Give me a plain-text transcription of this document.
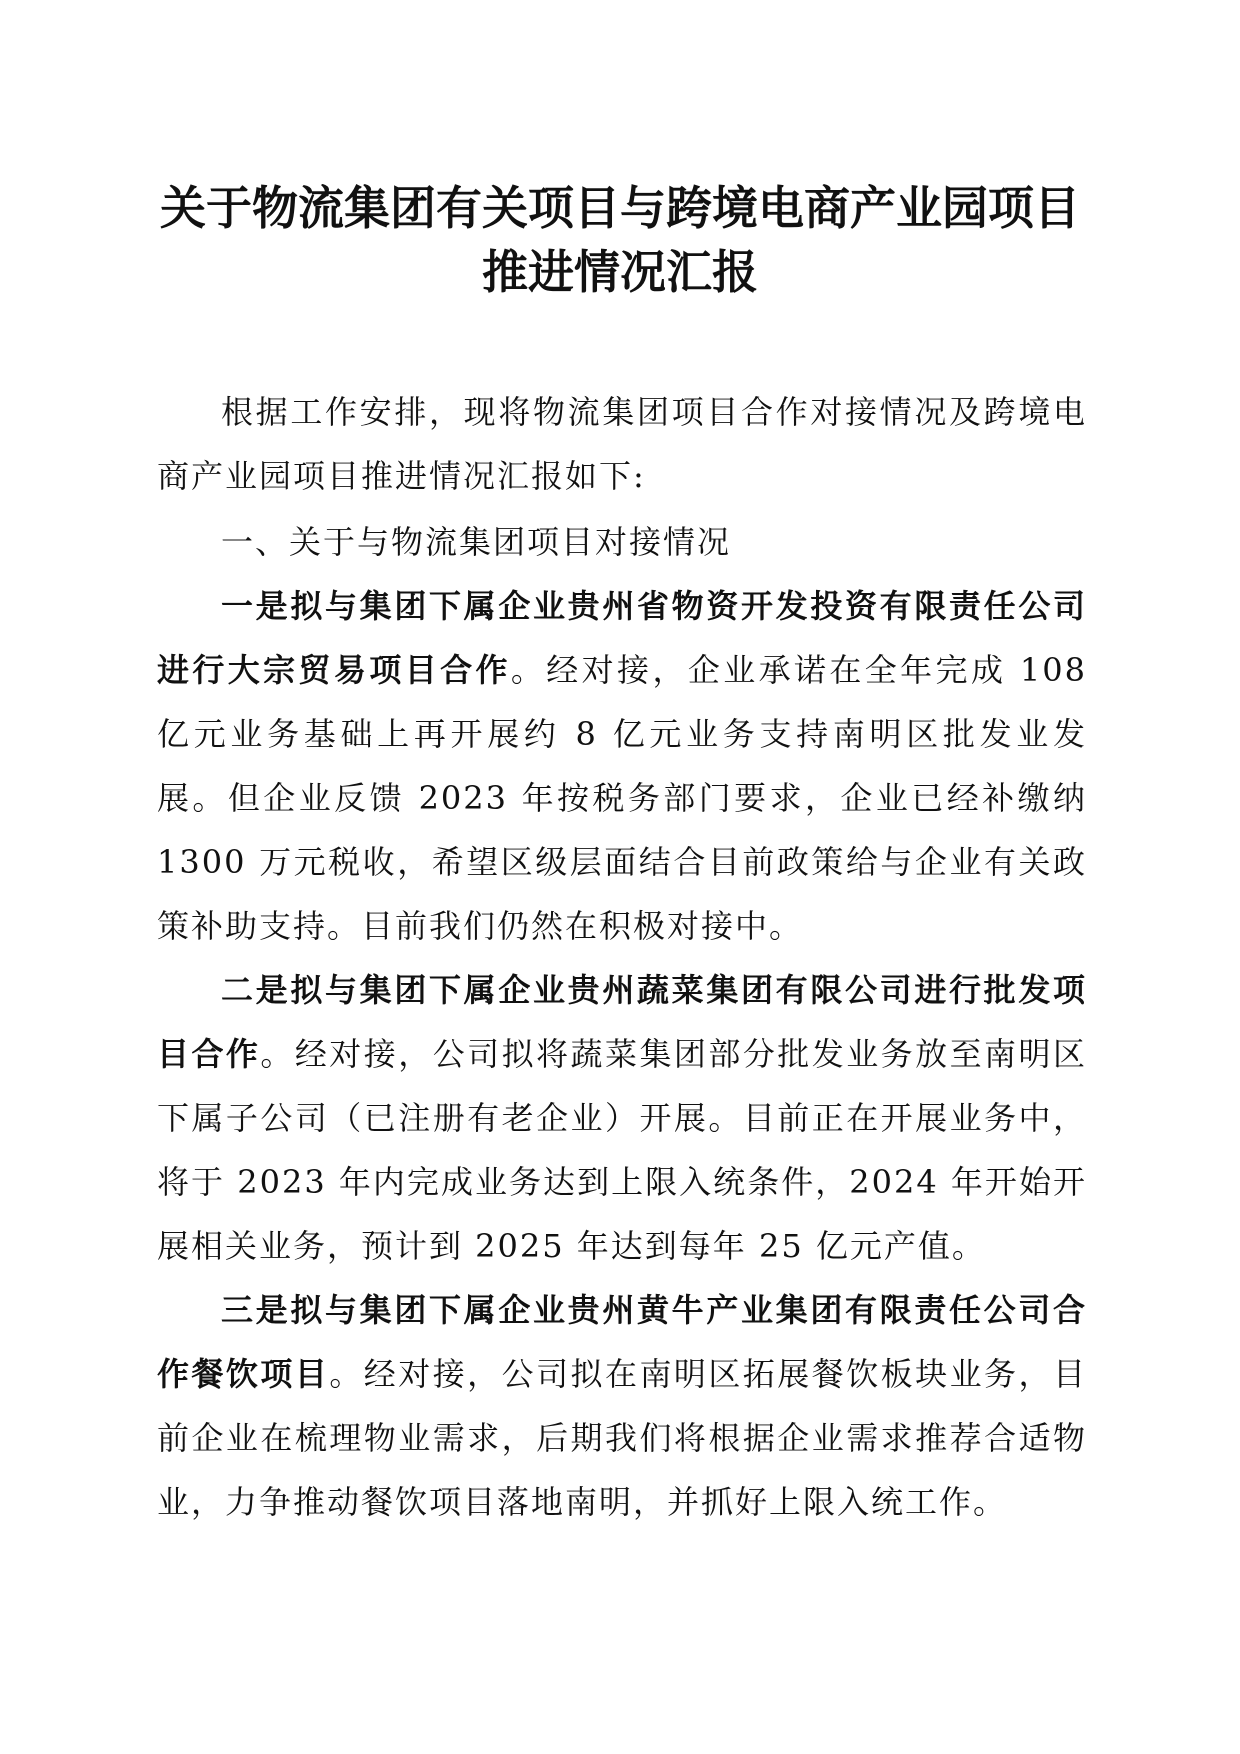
关于物流集团有关项目与跨境电商产业园项目
推进情况汇报

根据工作安排，现将物流集团项目合作对接情况及跨境电商产业园项目推进情况汇报如下:

一、关于与物流集团项目对接情况

一是拟与集团下属企业贵州省物资开发投资有限责任公司进行大宗贸易项目合作。经对接，企业承诺在全年完成 108 亿元业务基础上再开展约 8 亿元业务支持南明区批发业发展。但企业反馈 2023 年按税务部门要求，企业已经补缴纳 1300 万元税收，希望区级层面结合目前政策给与企业有关政策补助支持。目前我们仍然在积极对接中。

二是拟与集团下属企业贵州蔬菜集团有限公司进行批发项目合作。经对接，公司拟将蔬菜集团部分批发业务放至南明区下属子公司（已注册有老企业）开展。目前正在开展业务中，将于 2023 年内完成业务达到上限入统条件，2024 年开始开展相关业务，预计到 2025 年达到每年 25 亿元产值。

三是拟与集团下属企业贵州黄牛产业集团有限责任公司合作餐饮项目。经对接，公司拟在南明区拓展餐饮板块业务，目前企业在梳理物业需求，后期我们将根据企业需求推荐合适物业，力争推动餐饮项目落地南明，并抓好上限入统工作。
